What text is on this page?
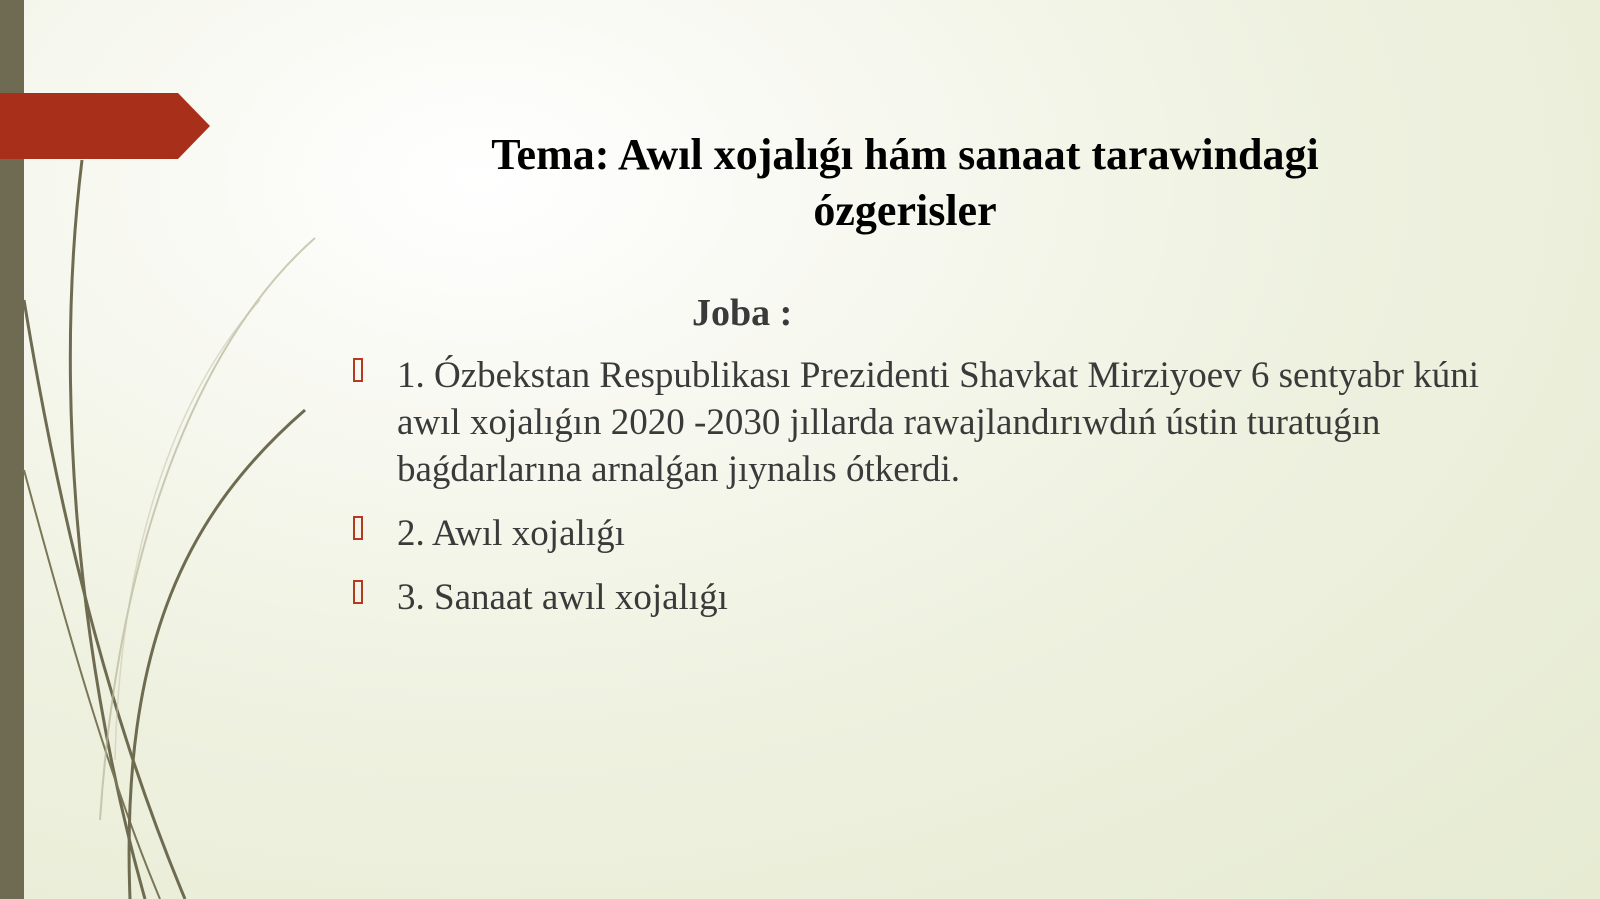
Tema: Awıl xojalıǵı hám sanaat tarawindagi ózgerisler
Joba :
1. Ózbekstan Respublikası Prezidenti Shavkat Mirziyoev 6 sentyabr kúni awıl xojalıǵın 2020 -2030 jıllarda rawajlandırıwdıń ústin turatuǵın baǵdarlarına arnalǵan jıynalıs ótkerdi.
2. Awıl xojalıǵı
3. Sanaat awıl xojalıǵı
